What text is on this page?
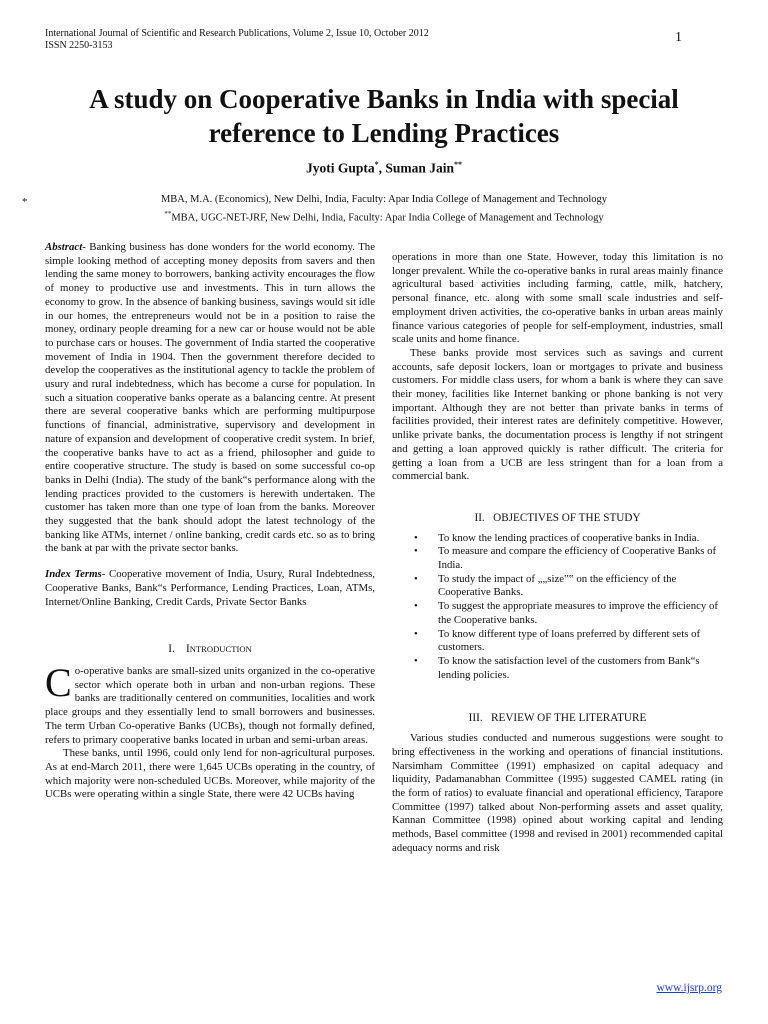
International Journal of Scientific and Research Publications, Volume 2, Issue 10, October 2012
ISSN 2250-3153
1
A study on Cooperative Banks in India with special
reference to Lending Practices
Jyoti Gupta*, Suman Jain**
*	MBA, M.A. (Economics), New Delhi, India, Faculty: Apar India College of Management and Technology
**MBA, UGC-NET-JRF, New Delhi, India, Faculty: Apar India College of Management and Technology

Abstract- Banking business has done wonders for the world economy. The simple looking method of accepting money deposits from savers and then lending the same money to borrowers, banking activity encourages the flow of money to productive use and investments. This in turn allows the economy to grow. In the absence of banking business, savings would sit idle in our homes, the entrepreneurs would not be in a position to raise the money, ordinary people dreaming for a new car or house would not be able to purchase cars or houses. The government of India started the cooperative movement of India in 1904. Then the government therefore decided to develop the cooperatives as the institutional agency to tackle the problem of usury and rural indebtedness, which has become a curse for population. In such a situation cooperative banks operate as a balancing centre. At present there are several cooperative banks which are performing multipurpose functions of financial, administrative, supervisory and development in nature of expansion and development of cooperative credit system. In brief, the cooperative banks have to act as a friend, philosopher and guide to entire cooperative structure. The study is based on some successful co-op banks in Delhi (India). The study of the bank“s performance along with the lending practices provided to the customers is herewith undertaken. The customer has taken more than one type of loan from the banks. Moreover they suggested that the bank should adopt the latest technology of the banking like ATMs, internet / online banking, credit cards etc. so as to bring the bank at par with the private sector banks.

Index Terms- Cooperative movement of India, Usury, Rural Indebtedness, Cooperative Banks, Bank“s Performance, Lending Practices, Loan, ATMs, Internet/Online Banking, Credit Cards, Private Sector Banks

I. INTRODUCTION

Co-operative banks are small-sized units organized in the co-operative sector which operate both in urban and non-urban regions. These banks are traditionally centered on communities, localities and work place groups and they essentially lend to small borrowers and businesses. The term Urban Co-operative Banks (UCBs), though not formally defined, refers to primary cooperative banks located in urban and semi-urban areas.

These banks, until 1996, could only lend for non-agricultural purposes. As at end-March 2011, there were 1,645 UCBs operating in the country, of which majority were non-scheduled UCBs. Moreover, while majority of the UCBs were operating within a single State, there were 42 UCBs having

operations in more than one State. However, today this limitation is no longer prevalent. While the co-operative banks in rural areas mainly finance agricultural based activities including farming, cattle, milk, hatchery, personal finance, etc. along with some small scale industries and self-employment driven activities, the co-operative banks in urban areas mainly finance various categories of people for self-employment, industries, small scale units and home finance.

These banks provide most services such as savings and current accounts, safe deposit lockers, loan or mortgages to private and business customers. For middle class users, for whom a bank is where they can save their money, facilities like Internet banking or phone banking is not very important. Although they are not better than private banks in terms of facilities provided, their interest rates are definitely competitive. However, unlike private banks, the documentation process is lengthy if not stringent and getting a loan approved quickly is rather difficult. The criteria for getting a loan from a UCB are less stringent than for a loan from a commercial bank.

II. OBJECTIVES OF THE STUDY

• To know the lending practices of cooperative banks in India.
• To measure and compare the efficiency of Cooperative Banks of India.
• To study the impact of „„size‟‟ on the efficiency of the Cooperative Banks.
• To suggest the appropriate measures to improve the efficiency of the Cooperative banks.
• To know different type of loans preferred by different sets of customers.
• To know the satisfaction level of the customers from Bank“s lending policies.

III. REVIEW OF THE LITERATURE

Various studies conducted and numerous suggestions were sought to bring effectiveness in the working and operations of financial institutions. Narsimham Committee (1991) emphasized on capital adequacy and liquidity, Padamanabhan Committee (1995) suggested CAMEL rating (in the form of ratios) to evaluate financial and operational efficiency, Tarapore Committee (1997) talked about Non-performing assets and asset quality, Kannan Committee (1998) opined about working capital and lending methods, Basel committee (1998 and revised in 2001) recommended capital adequacy norms and risk

www.ijsrp.org
